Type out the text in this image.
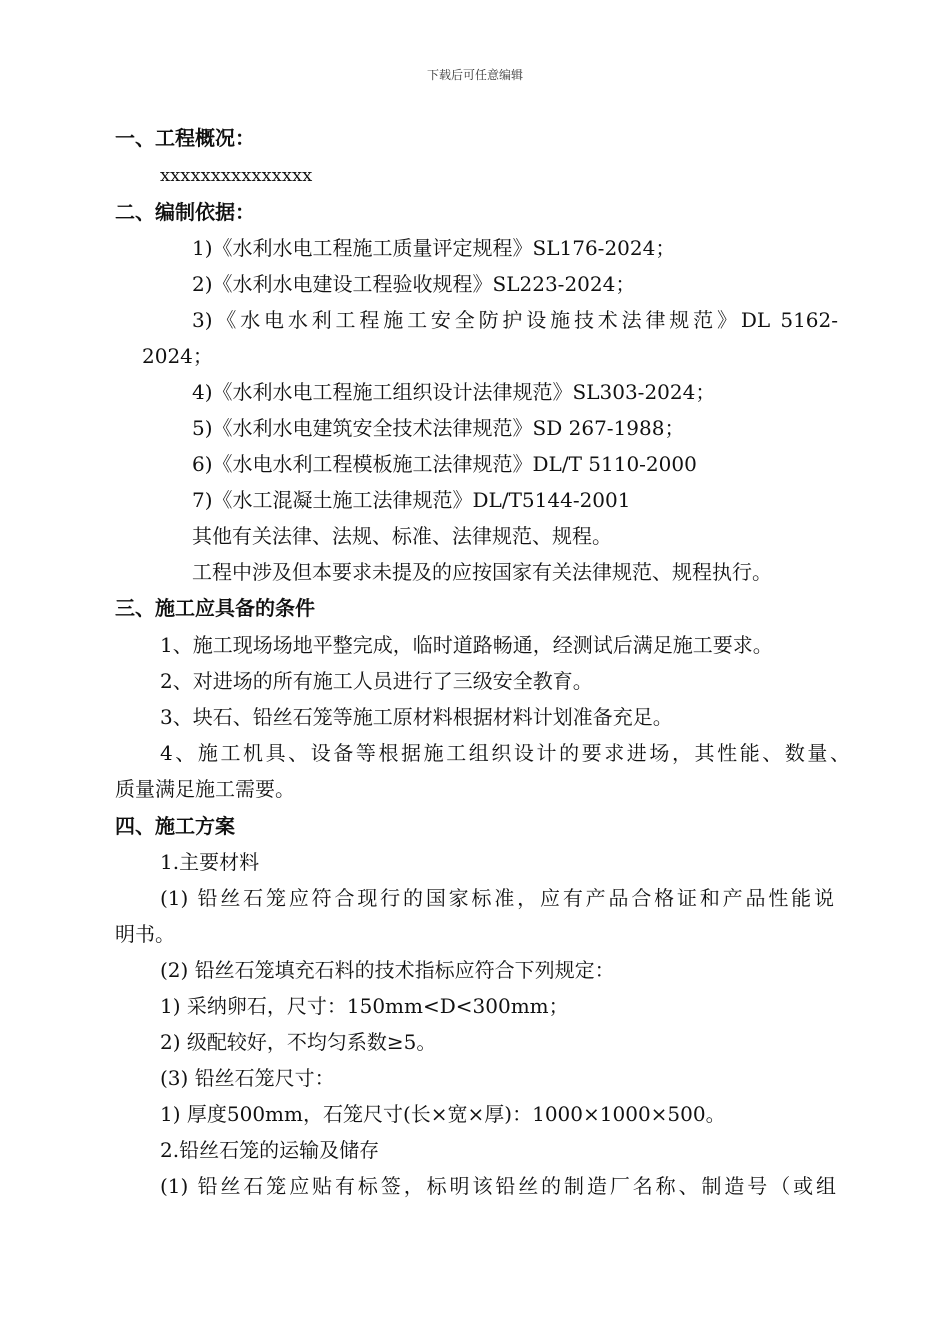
下载后可任意编辑
一、工程概况：
xxxxxxxxxxxxxxx
二、编制依据：
1)《水利水电工程施工质量评定规程》SL176-2024；
2)《水利水电建设工程验收规程》SL223-2024；
3)《水电水利工程施工安全防护设施技术法律规范》DL 5162-
2024；
4)《水利水电工程施工组织设计法律规范》SL303-2024；
5)《水利水电建筑安全技术法律规范》SD 267-1988；
6)《水电水利工程模板施工法律规范》DL/T 5110-2000
7)《水工混凝土施工法律规范》DL/T5144-2001
其他有关法律、法规、标准、法律规范、规程。
工程中涉及但本要求未提及的应按国家有关法律规范、规程执行。
三、施工应具备的条件
1、施工现场场地平整完成，临时道路畅通，经测试后满足施工要求。
2、对进场的所有施工人员进行了三级安全教育。
3、块石、铅丝石笼等施工原材料根据材料计划准备充足。
4、施工机具、设备等根据施工组织设计的要求进场，其性能、数量、
质量满足施工需要。
四、施工方案
1.主要材料
(1) 铅丝石笼应符合现行的国家标准，应有产品合格证和产品性能说
明书。
(2) 铅丝石笼填充石料的技术指标应符合下列规定：
1) 采纳卵石，尺寸：150mm<D<300mm；
2) 级配较好，不均匀系数≥5。
(3) 铅丝石笼尺寸：
1) 厚度500mm，石笼尺寸(长×宽×厚)：1000×1000×500。
2.铅丝石笼的运输及储存
(1) 铅丝石笼应贴有标签，标明该铅丝的制造厂名称、制造号（或组
